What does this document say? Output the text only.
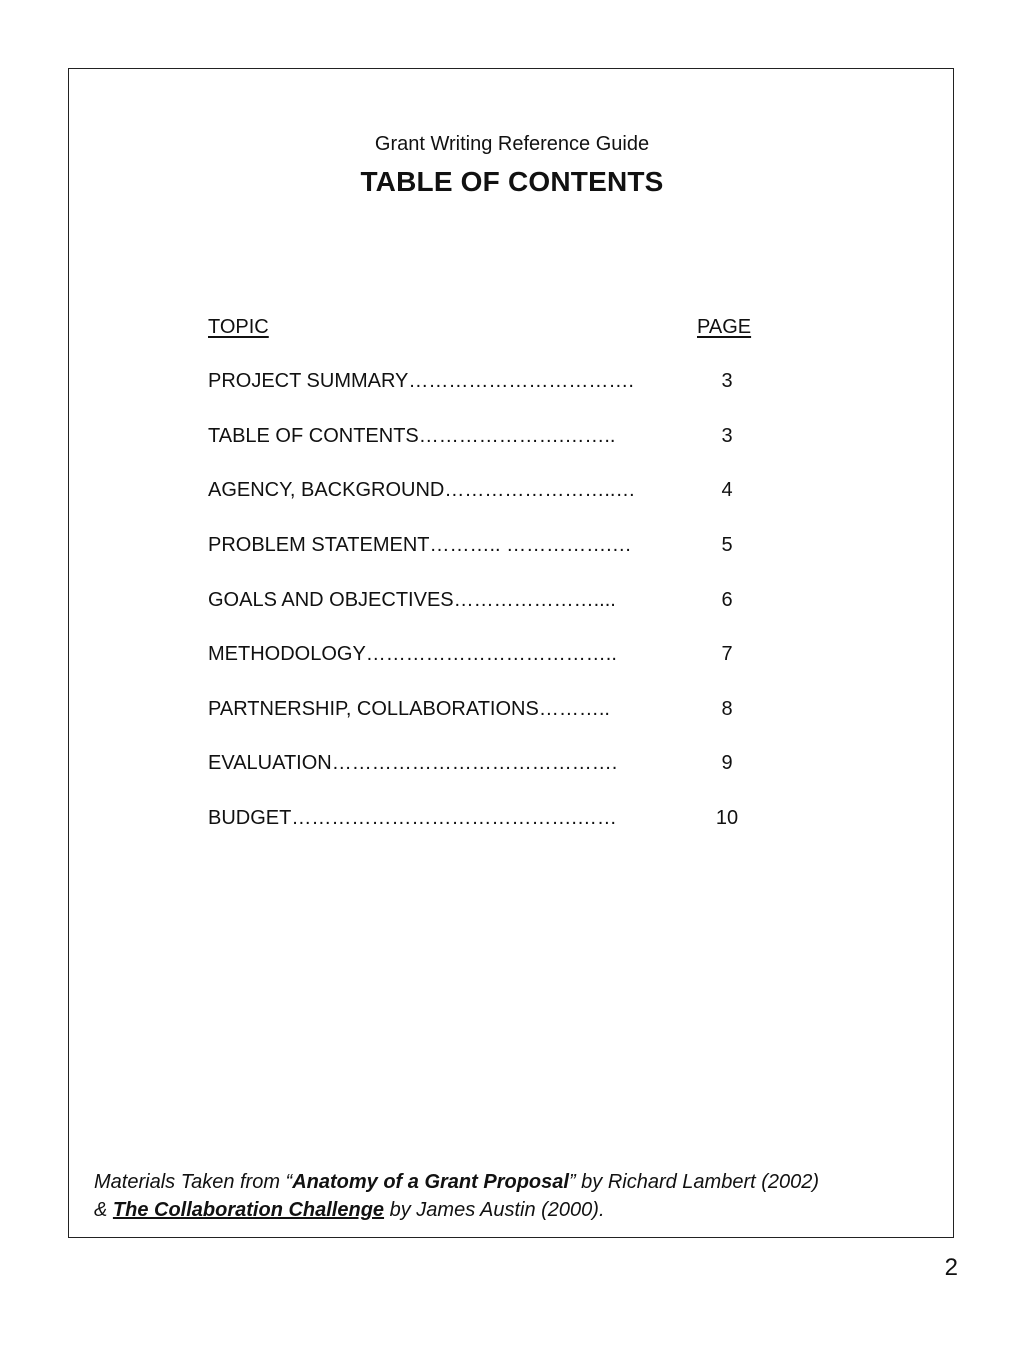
Grant Writing Reference Guide
TABLE OF CONTENTS
TOPIC	PAGE
PROJECT SUMMARY…………………………….	3
TABLE OF CONTENTS………………….……..	3
AGENCY, BACKGROUND……………………..…	4
PROBLEM STATEMENT……….. …………….…	5
GOALS AND OBJECTIVES…………………....	6
METHODOLOGY………………………………..	7
PARTNERSHIP, COLLABORATIONS………..	8
EVALUATION…………………………………….	9
BUDGET…………………………………….……	10
Materials Taken from “Anatomy of a Grant Proposal” by Richard Lambert (2002)
& The Collaboration Challenge by James Austin (2000).
2
